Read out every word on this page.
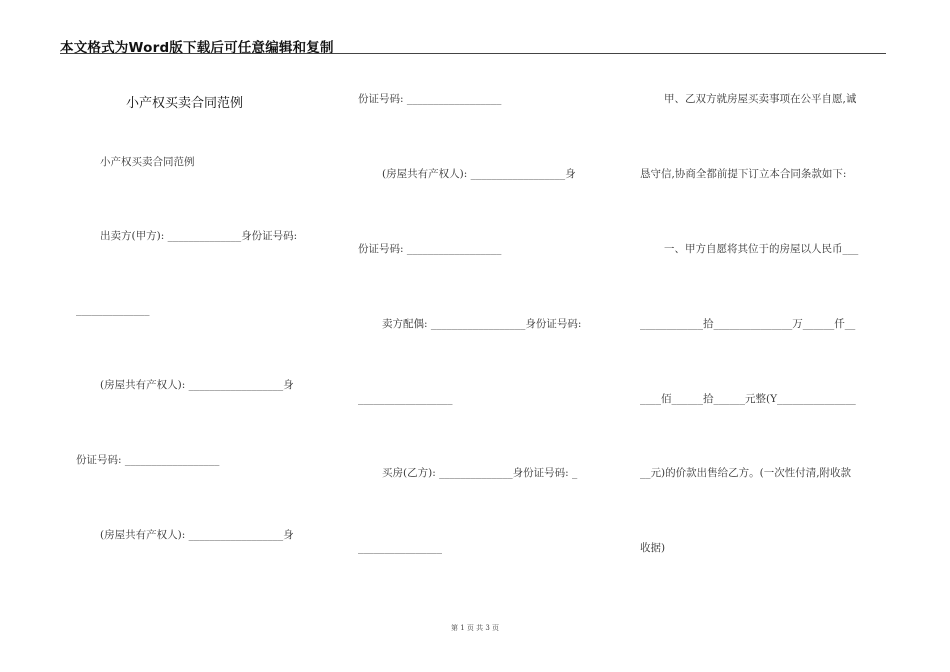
本文格式为Word版下载后可任意编辑和复制
小产权买卖合同范例
小产权买卖合同范例
出卖方(甲方): ______________身份证号码:
______________
(房屋共有产权人): __________________身
份证号码: __________________
(房屋共有产权人): __________________身
份证号码: __________________
(房屋共有产权人): __________________身
份证号码: __________________
卖方配偶: __________________身份证号码:
__________________
买房(乙方): ______________身份证号码: _
________________
甲、乙双方就房屋买卖事项在公平自愿,诚
恳守信,协商全都前提下订立本合同条款如下:
一、甲方自愿将其位于的房屋以人民币___
____________拾_______________万______仟__
____佰______拾______元整(Y_______________
__元)的价款出售给乙方。(一次性付清,附收款
收据)
第 1 页 共 3 页
